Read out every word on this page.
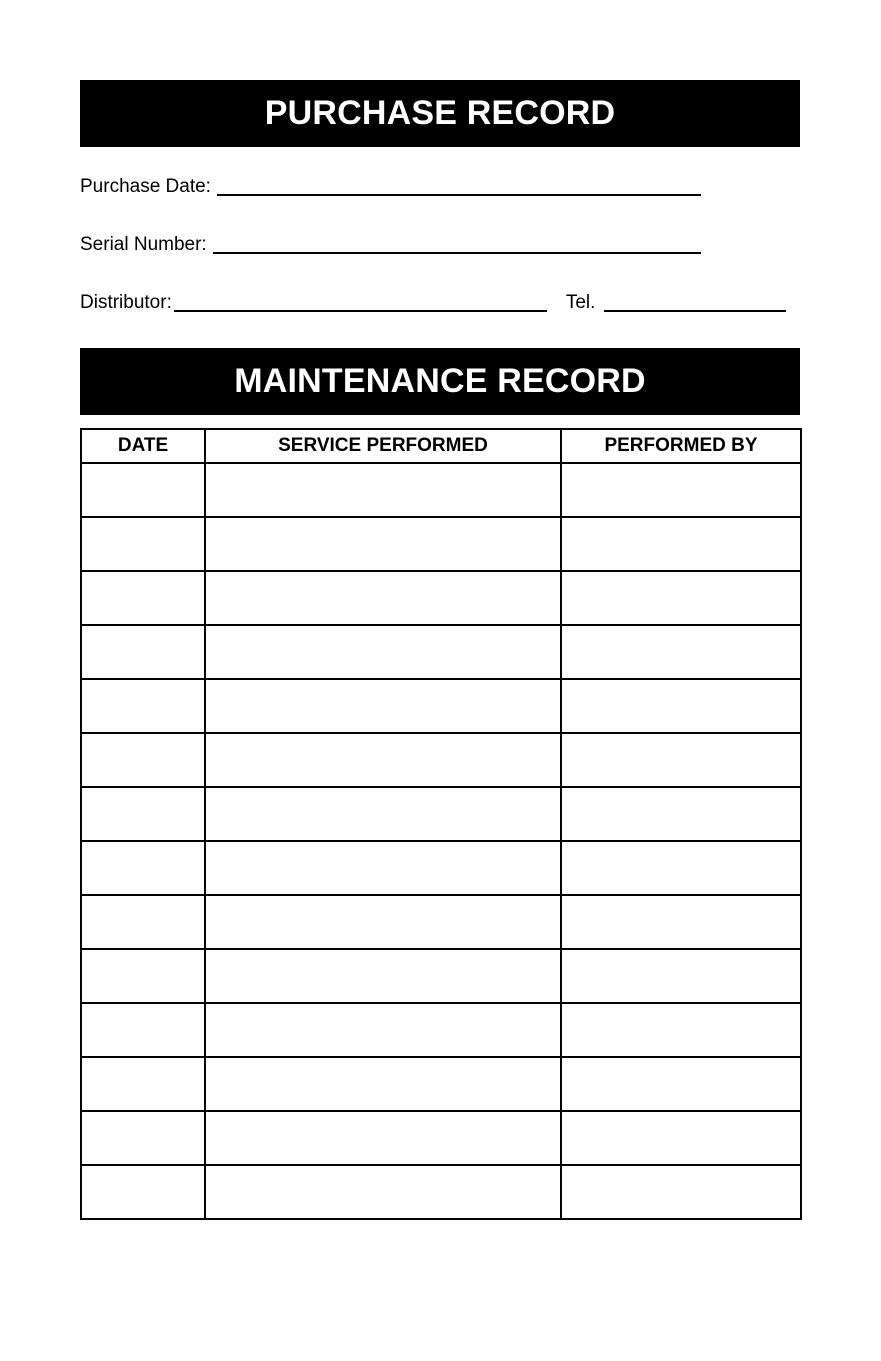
PURCHASE RECORD
Purchase Date:
Serial Number:
Distributor:	Tel.
MAINTENANCE RECORD
DATE	SERVICE PERFORMED	PERFORMED BY
